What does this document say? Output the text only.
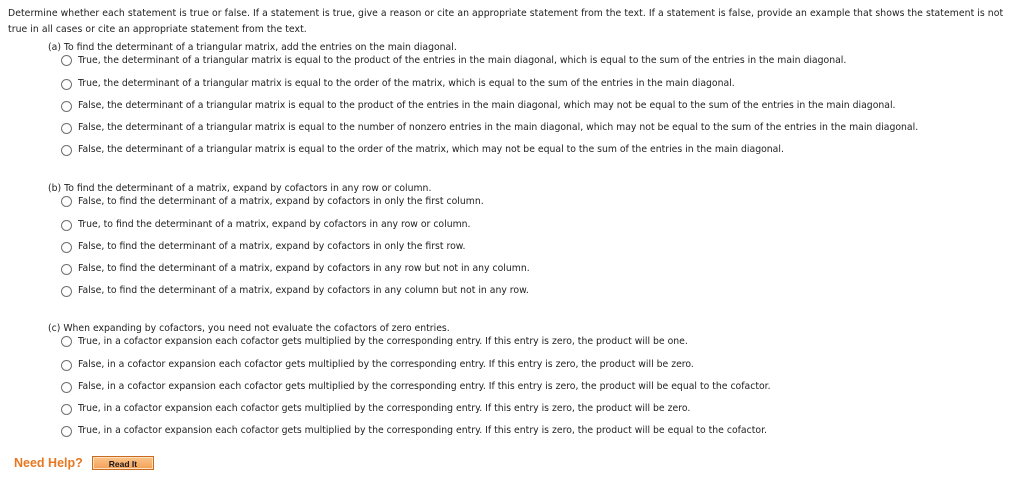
Determine whether each statement is true or false. If a statement is true, give a reason or cite an appropriate statement from the text. If a statement is false, provide an example that shows the statement is not true in all cases or cite an appropriate statement from the text.
(a) To find the determinant of a triangular matrix, add the entries on the main diagonal.
True, the determinant of a triangular matrix is equal to the product of the entries in the main diagonal, which is equal to the sum of the entries in the main diagonal.
True, the determinant of a triangular matrix is equal to the order of the matrix, which is equal to the sum of the entries in the main diagonal.
False, the determinant of a triangular matrix is equal to the product of the entries in the main diagonal, which may not be equal to the sum of the entries in the main diagonal.
False, the determinant of a triangular matrix is equal to the number of nonzero entries in the main diagonal, which may not be equal to the sum of the entries in the main diagonal.
False, the determinant of a triangular matrix is equal to the order of the matrix, which may not be equal to the sum of the entries in the main diagonal.
(b) To find the determinant of a matrix, expand by cofactors in any row or column.
False, to find the determinant of a matrix, expand by cofactors in only the first column.
True, to find the determinant of a matrix, expand by cofactors in any row or column.
False, to find the determinant of a matrix, expand by cofactors in only the first row.
False, to find the determinant of a matrix, expand by cofactors in any row but not in any column.
False, to find the determinant of a matrix, expand by cofactors in any column but not in any row.
(c) When expanding by cofactors, you need not evaluate the cofactors of zero entries.
True, in a cofactor expansion each cofactor gets multiplied by the corresponding entry. If this entry is zero, the product will be one.
False, in a cofactor expansion each cofactor gets multiplied by the corresponding entry. If this entry is zero, the product will be zero.
False, in a cofactor expansion each cofactor gets multiplied by the corresponding entry. If this entry is zero, the product will be equal to the cofactor.
True, in a cofactor expansion each cofactor gets multiplied by the corresponding entry. If this entry is zero, the product will be zero.
True, in a cofactor expansion each cofactor gets multiplied by the corresponding entry. If this entry is zero, the product will be equal to the cofactor.
Need Help?	Read It
